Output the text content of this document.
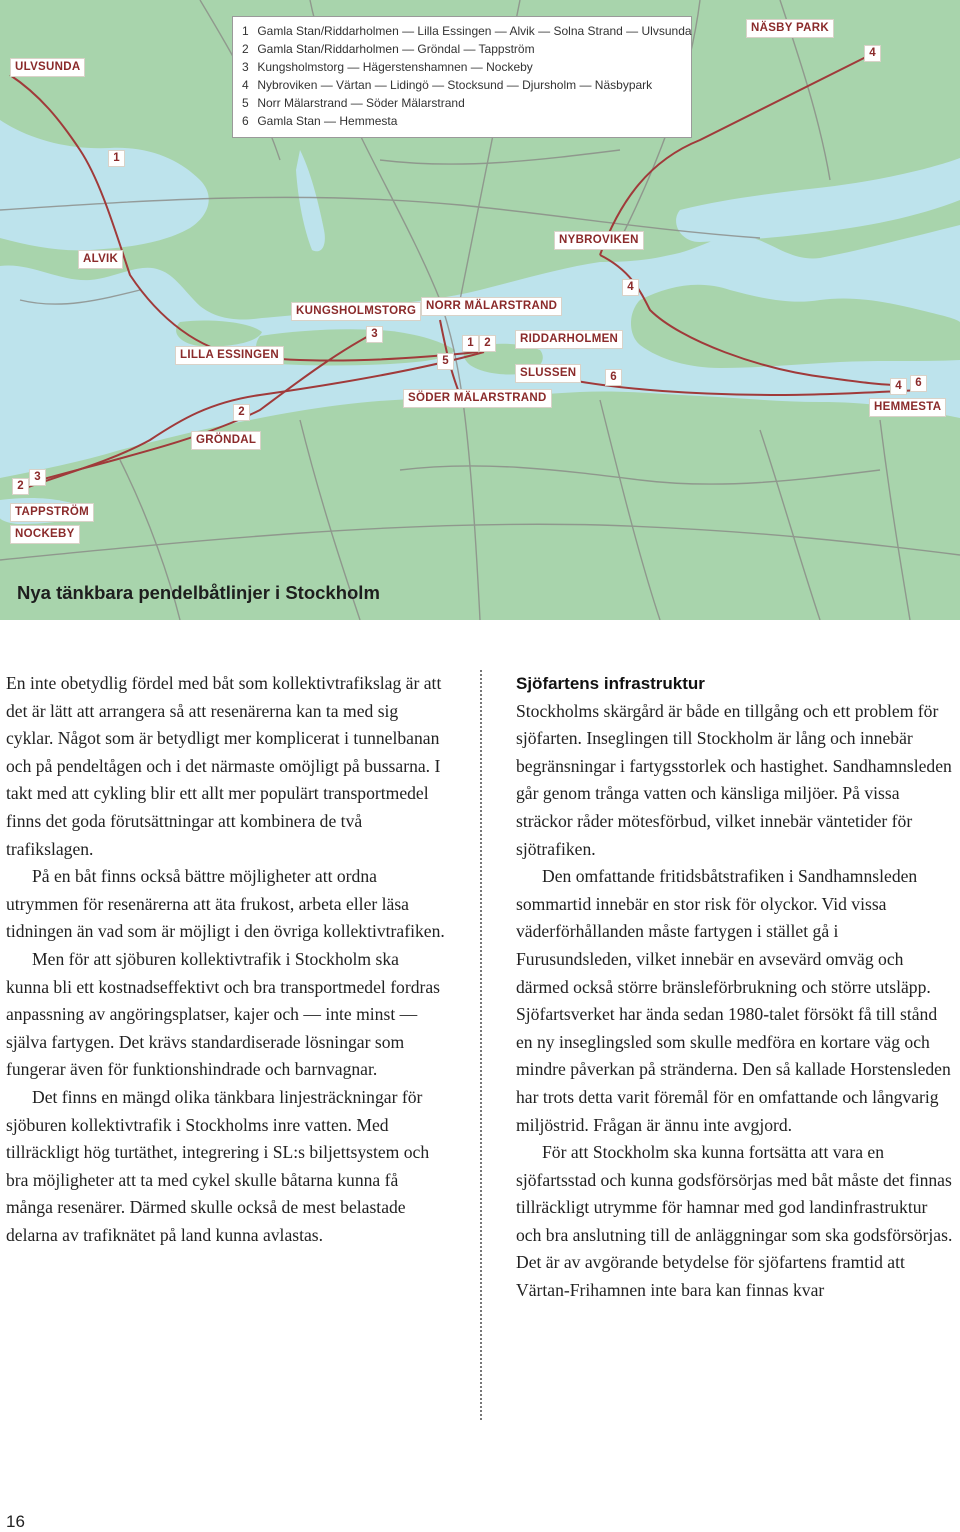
1 Gamla Stan/Riddarholmen — Lilla Essingen — Alvik — Solna Strand — Ulvsunda
2 Gamla Stan/Riddarholmen — Gröndal — Tappström
3 Kungsholmstorg — Hägerstenshamnen — Nockeby
4 Nybroviken — Värtan — Lidingö — Stocksund — Djursholm — Näsbypark
5 Norr Mälarstrand — Söder Mälarstrand
6 Gamla Stan — Hemmesta
ULVSUNDA
NÄSBY PARK
ALVIK
NYBROVIKEN
KUNGSHOLMSTORG NORR MÄLARSTRAND
LILLA ESSINGEN
RIDDARHOLMEN
SLUSSEN
SÖDER MÄLARSTRAND
HEMMESTA
GRÖNDAL
TAPPSTRÖM
NOCKEBY
1
4
4
3
1 2
5
6
4	6
2
2
3
Nya tänkbara pendelbåtlinjer i Stockholm

En inte obetydlig fördel med båt som kollektivtrafikslag är att det är lätt att arrangera så att resenärerna kan ta med sig cyklar. Något som är betydligt mer komplicerat i tunnelbanan och på pendeltågen och i det närmaste omöjligt på bussarna. I takt med att cykling blir ett allt mer populärt transportmedel finns det goda förutsättningar att kombinera de två trafikslagen.

På en båt finns också bättre möjligheter att ordna utrymmen för resenärerna att äta frukost, arbeta eller läsa tidningen än vad som är möjligt i den övriga kollektivtrafiken.

Men för att sjöburen kollektivtrafik i Stockholm ska kunna bli ett kostnadseffektivt och bra transportmedel fordras anpassning av angöringsplatser, kajer och — inte minst — själva fartygen. Det krävs standardiserade lösningar som fungerar även för funktionshindrade och barnvagnar.

Det finns en mängd olika tänkbara linjesträckningar för sjöburen kollektivtrafik i Stockholms inre vatten. Med tillräckligt hög turtäthet, integrering i SL:s biljettsystem och bra möjligheter att ta med cykel skulle båtarna kunna få många resenärer. Därmed skulle också de mest belastade delarna av trafiknätet på land kunna avlastas.

Sjöfartens infrastruktur

Stockholms skärgård är både en tillgång och ett problem för sjöfarten. Inseglingen till Stockholm är lång och innebär begränsningar i fartygsstorlek och hastighet. Sandhamnsleden går genom trånga vatten och känsliga miljöer. På vissa sträckor råder mötesförbud, vilket innebär väntetider för sjötrafiken.

Den omfattande fritidsbåtstrafiken i Sandhamnsleden sommartid innebär en stor risk för olyckor. Vid vissa väderförhållanden måste fartygen i stället gå i Furusundsleden, vilket innebär en avsevärd omväg och därmed också större bränsleförbrukning och större utsläpp. Sjöfartsverket har ända sedan 1980-talet försökt få till stånd en ny inseglingsled som skulle medföra en kortare väg och mindre påverkan på stränderna. Den så kallade Horstensleden har trots detta varit föremål för en omfattande och långvarig miljöstrid. Frågan är ännu inte avgjord.

För att Stockholm ska kunna fortsätta att vara en sjöfartsstad och kunna godsförsörjas med båt måste det finnas tillräckligt utrymme för hamnar med god landinfrastruktur och bra anslutning till de anläggningar som ska godsförsörjas. Det är av avgörande betydelse för sjöfartens framtid att Värtan-Frihamnen inte bara kan finnas kvar

16
